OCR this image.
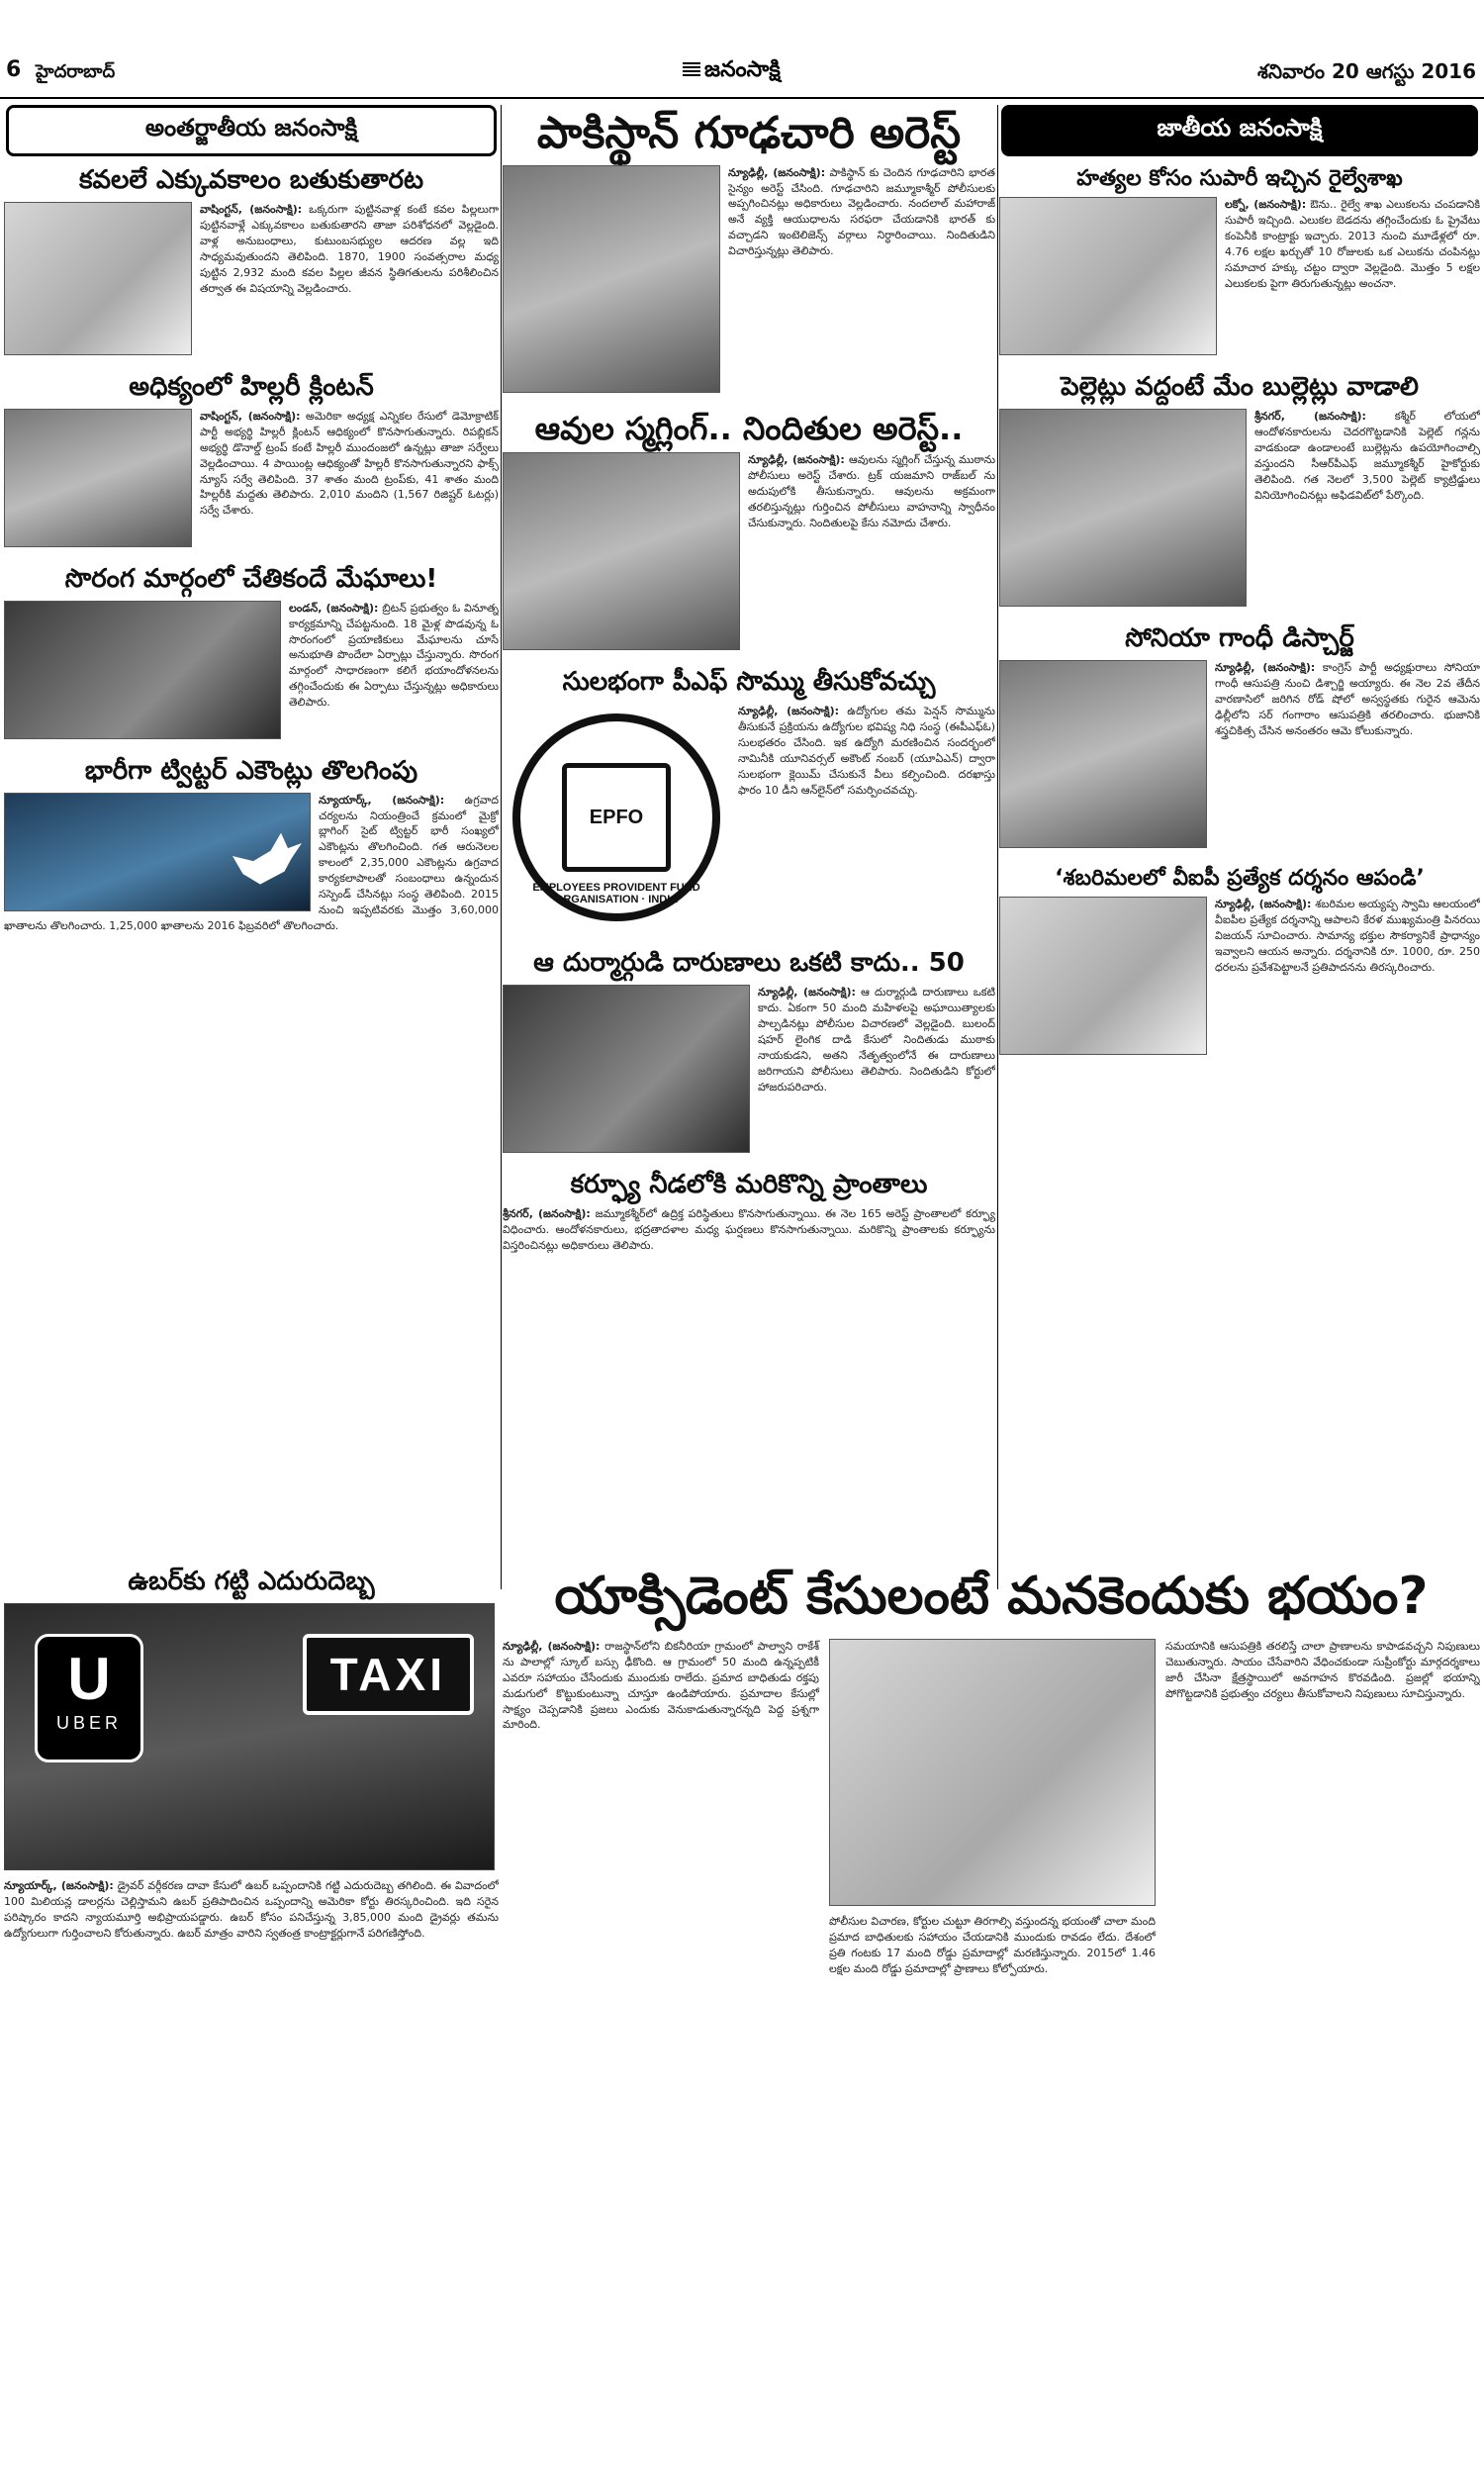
6 హైదరాబాద్	జనంసాక్షి	శనివారం 20 ఆగస్టు 2016
అంతర్జాతీయ జనంసాక్షి
కవలలే ఎక్కువకాలం బతుకుతారట
వాషింగ్టన్‌, (జనంసాక్షి): ఒక్కరుగా పుట్టినవాళ్ల కంటే కవల పిల్లలుగా పుట్టినవాళ్లే ఎక్కువకాలం బతుకుతారని తాజా పరిశోధనలో వెల్లడైంది. వాళ్ల అనుబంధాలు, కుటుంబసభ్యుల ఆదరణ వల్ల ఇది సాధ్యమవుతుందని తెలిపింది. 1870, 1900 సంవత్సరాల మధ్య పుట్టిన 2,932 మంది కవల పిల్లల జీవన స్థితిగతులను పరిశీలించిన తర్వాత ఈ విషయాన్ని వెల్లడించారు.
అధిక్యంలో హిల్లరీ క్లింటన్‌
వాషింగ్టన్‌, (జనంసాక్షి): అమెరికా అధ్యక్ష ఎన్నికల రేసులో డెమోక్రాటిక్‌ పార్టీ అభ్యర్థి హిల్లరీ క్లింటన్‌ ఆధిక్యంలో కొనసాగుతున్నారు. రిపబ్లికన్‌ అభ్యర్థి డొనాల్డ్‌ ట్రంప్‌ కంటే హిల్లరీ ముందంజలో ఉన్నట్లు తాజా సర్వేలు వెల్లడించాయి. 4 పాయింట్ల ఆధిక్యంతో హిల్లరీ కొనసాగుతున్నారని ఫాక్స్‌ న్యూస్‌ సర్వే తెలిపింది. 37 శాతం మంది ట్రంప్‌కు, 41 శాతం మంది హిల్లరీకి మద్దతు తెలిపారు. 2,010 మందిని (1,567 రిజిష్టర్‌ ఓటర్లు) సర్వే చేశారు.
సొరంగ మార్గంలో చేతికందే మేఘాలు!
లండన్‌, (జనంసాక్షి): బ్రిటన్‌ ప్రభుత్వం ఓ వినూత్న కార్యక్రమాన్ని చేపట్టనుంది. 18 మైళ్ల పొడవున్న ఓ సొరంగంలో ప్రయాణికులు మేఘాలను చూసే అనుభూతి పొందేలా ఏర్పాట్లు చేస్తున్నారు. సొరంగ మార్గంలో సాధారణంగా కలిగే భయాందోళనలను తగ్గించేందుకు ఈ ఏర్పాటు చేస్తున్నట్లు అధికారులు తెలిపారు.
భారీగా ట్విట్టర్‌ ఎకౌంట్లు తొలగింపు
న్యూయార్క్‌, (జనంసాక్షి): ఉగ్రవాద చర్యలను నియంత్రించే క్రమంలో మైక్రో బ్లాగింగ్‌ సైట్‌ ట్విట్టర్‌ భారీ సంఖ్యలో ఎకౌంట్లను తొలగించింది. గత ఆరునెలల కాలంలో 2,35,000 ఎకౌంట్లను ఉగ్రవాద కార్యకలాపాలతో సంబంధాలు ఉన్నందున సస్పెండ్‌ చేసినట్లు సంస్థ తెలిపింది. 2015 నుంచి ఇప్పటివరకు మొత్తం 3,60,000 ఖాతాలను తొలగించారు. 1,25,000 ఖాతాలను 2016 ఫిబ్రవరిలో తొలగించారు.
ఉబర్‌కు గట్టి ఎదురుదెబ్బ
U
UBER
TAXI
న్యూయార్క్‌, (జనంసాక్షి): డ్రైవర్‌ వర్గీకరణ దావా కేసులో ఉబర్‌ ఒప్పందానికి గట్టి ఎదురుదెబ్బ తగిలింది. ఈ వివాదంలో 100 మిలియన్ల డాలర్లను చెల్లిస్తామని ఉబర్‌ ప్రతిపాదించిన ఒప్పందాన్ని అమెరికా కోర్టు తిరస్కరించింది. ఇది సరైన పరిష్కారం కాదని న్యాయమూర్తి అభిప్రాయపడ్డారు. ఉబర్‌ కోసం పనిచేస్తున్న 3,85,000 మంది డ్రైవర్లు తమను ఉద్యోగులుగా గుర్తించాలని కోరుతున్నారు. ఉబర్‌ మాత్రం వారిని స్వతంత్ర కాంట్రాక్టర్లుగానే పరిగణిస్తోంది.
పాకిస్థాన్‌ గూఢచారి అరెస్ట్‌
న్యూఢిల్లీ, (జనంసాక్షి): పాకిస్థాన్‌ కు చెందిన గూఢచారిని భారత సైన్యం అరెస్ట్‌ చేసింది. గూఢచారిని జమ్మూకాశ్మీర్‌ పోలీసులకు అప్పగించినట్లు అధికారులు వెల్లడించారు. నందలాల్‌ మహారాజ్‌ అనే వ్యక్తి ఆయుధాలను సరఫరా చేయడానికి భారత్‌ కు వచ్చాడని ఇంటెలిజెన్స్‌ వర్గాలు నిర్ధారించాయి. నిందితుడిని విచారిస్తున్నట్లు తెలిపారు.
ఆవుల స్మగ్లింగ్‌.. నిందితుల అరెస్ట్‌..
న్యూఢిల్లీ, (జనంసాక్షి): ఆవులను స్మగ్లింగ్‌ చేస్తున్న ముఠాను పోలీసులు అరెస్ట్‌ చేశారు. ట్రక్‌ యజమాని రాజ్‌బల్‌ ను అదుపులోకి తీసుకున్నారు. ఆవులను అక్రమంగా తరలిస్తున్నట్లు గుర్తించిన పోలీసులు వాహనాన్ని స్వాధీనం చేసుకున్నారు. నిందితులపై కేసు నమోదు చేశారు.
సులభంగా పీఎఫ్‌ సొమ్ము తీసుకోవచ్చు
EPFO
EMPLOYEES PROVIDENT FUND ORGANISATION · INDIA
న్యూఢిల్లీ, (జనంసాక్షి): ఉద్యోగుల తమ పెన్షన్‌ సొమ్మును తీసుకునే ప్రక్రియను ఉద్యోగుల భవిష్య నిధి సంస్థ (ఈపీఎఫ్‌ఓ) సులభతరం చేసింది. ఇక ఉద్యోగి మరణించిన సందర్భంలో నామినీకి యూనివర్సల్‌ అకౌంట్‌ నంబర్‌ (యూఏఎన్‌) ద్వారా సులభంగా క్లెయిమ్‌ చేసుకునే వీలు కల్పించింది. దరఖాస్తు ఫారం 10 డీని ఆన్‌లైన్‌లో సమర్పించవచ్చు.
ఆ దుర్మార్గుడి దారుణాలు ఒకటి కాదు.. 50
న్యూఢిల్లీ, (జనంసాక్షి): ఆ దుర్మార్గుడి దారుణాలు ఒకటి కాదు. ఏకంగా 50 మంది మహిళలపై అఘాయిత్యాలకు పాల్పడినట్లు పోలీసుల విచారణలో వెల్లడైంది. బులంద్‌ షహర్‌ లైంగిక దాడి కేసులో నిందితుడు ముఠాకు నాయకుడని, అతని నేతృత్వంలోనే ఈ దారుణాలు జరిగాయని పోలీసులు తెలిపారు. నిందితుడిని కోర్టులో హాజరుపరిచారు.
కర్ఫ్యూ నీడలోకి మరికొన్ని ప్రాంతాలు
శ్రీనగర్‌, (జనంసాక్షి): జమ్మూకశ్మీర్‌లో ఉద్రిక్త పరిస్థితులు కొనసాగుతున్నాయి. ఈ నెల 165 అరెస్ట్‌ ప్రాంతాలలో కర్ఫ్యూ విధించారు. ఆందోళనకారులు, భద్రతాదళాల మధ్య ఘర్షణలు కొనసాగుతున్నాయి. మరికొన్ని ప్రాంతాలకు కర్ఫ్యూను విస్తరించినట్లు అధికారులు తెలిపారు.
జాతీయ జనంసాక్షి
హత్యల కోసం సుపారీ ఇచ్చిన రైల్వేశాఖ
లక్నో, (జనంసాక్షి): ఔను.. రైల్వే శాఖ ఎలుకలను చంపడానికి సుపారీ ఇచ్చింది. ఎలుకల బెడదను తగ్గించేందుకు ఓ ప్రైవేటు కంపెనీకి కాంట్రాక్టు ఇచ్చారు. 2013 నుంచి మూడేళ్లలో రూ. 4.76 లక్షల ఖర్చుతో 10 రోజులకు ఒక ఎలుకను చంపినట్లు సమాచార హక్కు చట్టం ద్వారా వెల్లడైంది. మొత్తం 5 లక్షల ఎలుకలకు పైగా తిరుగుతున్నట్లు అంచనా.
పెల్లెట్లు వద్దంటే మేం బుల్లెట్లు వాడాలి
శ్రీనగర్‌, (జనంసాక్షి):	కశ్మీర్‌ లోయలో ఆందోళనకారులను చెదరగొట్టడానికి పెల్లెట్‌ గన్లను వాడకుండా ఉండాలంటే బుల్లెట్లను ఉపయోగించాల్సి వస్తుందని సీఆర్‌పీఎఫ్‌ జమ్మూకశ్మీర్‌ హైకోర్టుకు తెలిపింది. గత నెలలో 3,500 పెల్లెట్‌ క్యాట్రిడ్జులు వినియోగించినట్లు అఫిడవిట్‌లో పేర్కొంది.
సోనియా గాంధీ డిస్చార్జ్‌
న్యూఢిల్లీ, (జనంసాక్షి): కాంగ్రెస్‌ పార్టీ అధ్యక్షురాలు సోనియా గాంధీ ఆసుపత్రి నుంచి డిశ్చార్జి అయ్యారు. ఈ నెల 2వ తేదీన వారణాసిలో జరిగిన రోడ్‌ షోలో అస్వస్థతకు గురైన ఆమెను ఢిల్లీలోని సర్‌ గంగారాం ఆసుపత్రికి తరలించారు. భుజానికి శస్త్రచికిత్స చేసిన అనంతరం ఆమె కోలుకున్నారు.
‘శబరిమలలో వీఐపీ ప్రత్యేక దర్శనం ఆపండి’
న్యూఢిల్లీ, (జనంసాక్షి): శబరిమల అయ్యప్ప స్వామి ఆలయంలో వీఐపీల ప్రత్యేక దర్శనాన్ని ఆపాలని కేరళ ముఖ్యమంత్రి పినరయి విజయన్‌ సూచించారు. సామాన్య భక్తుల సౌకర్యానికే ప్రాధాన్యం ఇవ్వాలని ఆయన అన్నారు. దర్శనానికి రూ. 1000, రూ. 250 ధరలను ప్రవేశపెట్టాలనే ప్రతిపాదనను తిరస్కరించారు.
యాక్సిడెంట్‌ కేసులంటే మనకెందుకు భయం?
న్యూఢిల్లీ, (జనంసాక్షి): రాజస్థాన్‌లోని బికనీరియా గ్రామంలో పాల్వాని రాకేశ్‌ ను పాలాల్లో స్కూల్‌ బస్సు ఢీకొంది. ఆ గ్రామంలో 50 మంది ఉన్నప్పటికీ ఎవరూ సహాయం చేసేందుకు ముందుకు రాలేదు. ప్రమాద బాధితుడు రక్తపు మడుగులో కొట్టుకుంటున్నా చూస్తూ ఉండిపోయారు. ప్రమాదాల కేసుల్లో సాక్ష్యం చెప్పడానికి ప్రజలు ఎందుకు వెనుకాడుతున్నారన్నది పెద్ద ప్రశ్నగా మారింది.
పోలీసుల విచారణ, కోర్టుల చుట్టూ తిరగాల్సి వస్తుందన్న భయంతో చాలా మంది ప్రమాద బాధితులకు సహాయం చేయడానికి ముందుకు రావడం లేదు. దేశంలో ప్రతి గంటకు 17 మంది రోడ్డు ప్రమాదాల్లో మరణిస్తున్నారు. 2015లో 1.46 లక్షల మంది రోడ్డు ప్రమాదాల్లో ప్రాణాలు కోల్పోయారు.
సమయానికి ఆసుపత్రికి తరలిస్తే చాలా ప్రాణాలను కాపాడవచ్చని నిపుణులు చెబుతున్నారు. సాయం చేసేవారిని వేధించకుండా సుప్రీంకోర్టు మార్గదర్శకాలు జారీ చేసినా క్షేత్రస్థాయిలో అవగాహన కొరవడింది. ప్రజల్లో భయాన్ని పోగొట్టడానికి ప్రభుత్వం చర్యలు తీసుకోవాలని నిపుణులు సూచిస్తున్నారు.
